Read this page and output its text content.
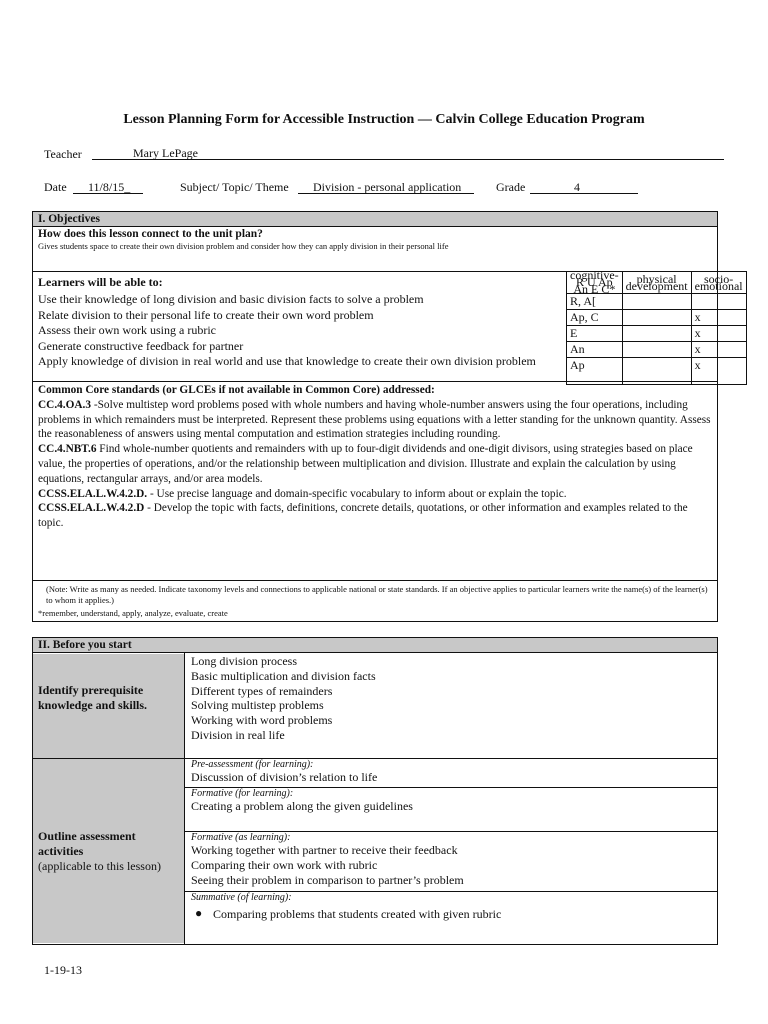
Lesson Planning Form for Accessible Instruction — Calvin College Education Program
Teacher	Mary LePage
Date 11/8/15_	Subject/ Topic/ Theme Division - personal application	Grade	4
I. Objectives
How does this lesson connect to the unit plan?
Gives students space to create their own division problem and consider how they can apply division in their personal life
Learners will be able to:
Use their knowledge of long division and basic division facts to solve a problem
Relate division to their personal life to create their own word problem
Assess their own work using a rubric
Generate constructive feedback for partner
Apply knowledge of division in real world and use that knowledge to create their own division problem
cognitive- R U Ap An E C*	physical development	socio- emotional
R, A[		
Ap, C		x
E		x
An		x
Ap		x
Common Core standards (or GLCEs if not available in Common Core) addressed:
CC.4.OA.3 -Solve multistep word problems posed with whole numbers and having whole-number answers using the four operations, including problems in which remainders must be interpreted. Represent these problems using equations with a letter standing for the unknown quantity. Assess the reasonableness of answers using mental computation and estimation strategies including rounding.
CC.4.NBT.6 Find whole-number quotients and remainders with up to four-digit dividends and one-digit divisors, using strategies based on place value, the properties of operations, and/or the relationship between multiplication and division. Illustrate and explain the calculation by using equations, rectangular arrays, and/or area models.
CCSS.ELA.L.W.4.2.D. - Use precise language and domain-specific vocabulary to inform about or explain the topic.
CCSS.ELA.L.W.4.2.D - Develop the topic with facts, definitions, concrete details, quotations, or other information and examples related to the topic.
(Note: Write as many as needed. Indicate taxonomy levels and connections to applicable national or state standards. If an objective applies to particular learners write the name(s) of the learner(s) to whom it applies.)
*remember, understand, apply, analyze, evaluate, create
II. Before you start
Identify prerequisite knowledge and skills.
Long division process
Basic multiplication and division facts
Different types of remainders
Solving multistep problems
Working with word problems
Division in real life
Outline assessment activities
(applicable to this lesson)
Pre-assessment (for learning):
Discussion of division’s relation to life
Formative (for learning):
Creating a problem along the given guidelines
Formative (as learning):
Working together with partner to receive their feedback
Comparing their own work with rubric
Seeing their problem in comparison to partner’s problem
Summative (of learning):
● Comparing problems that students created with given rubric
1-19-13
